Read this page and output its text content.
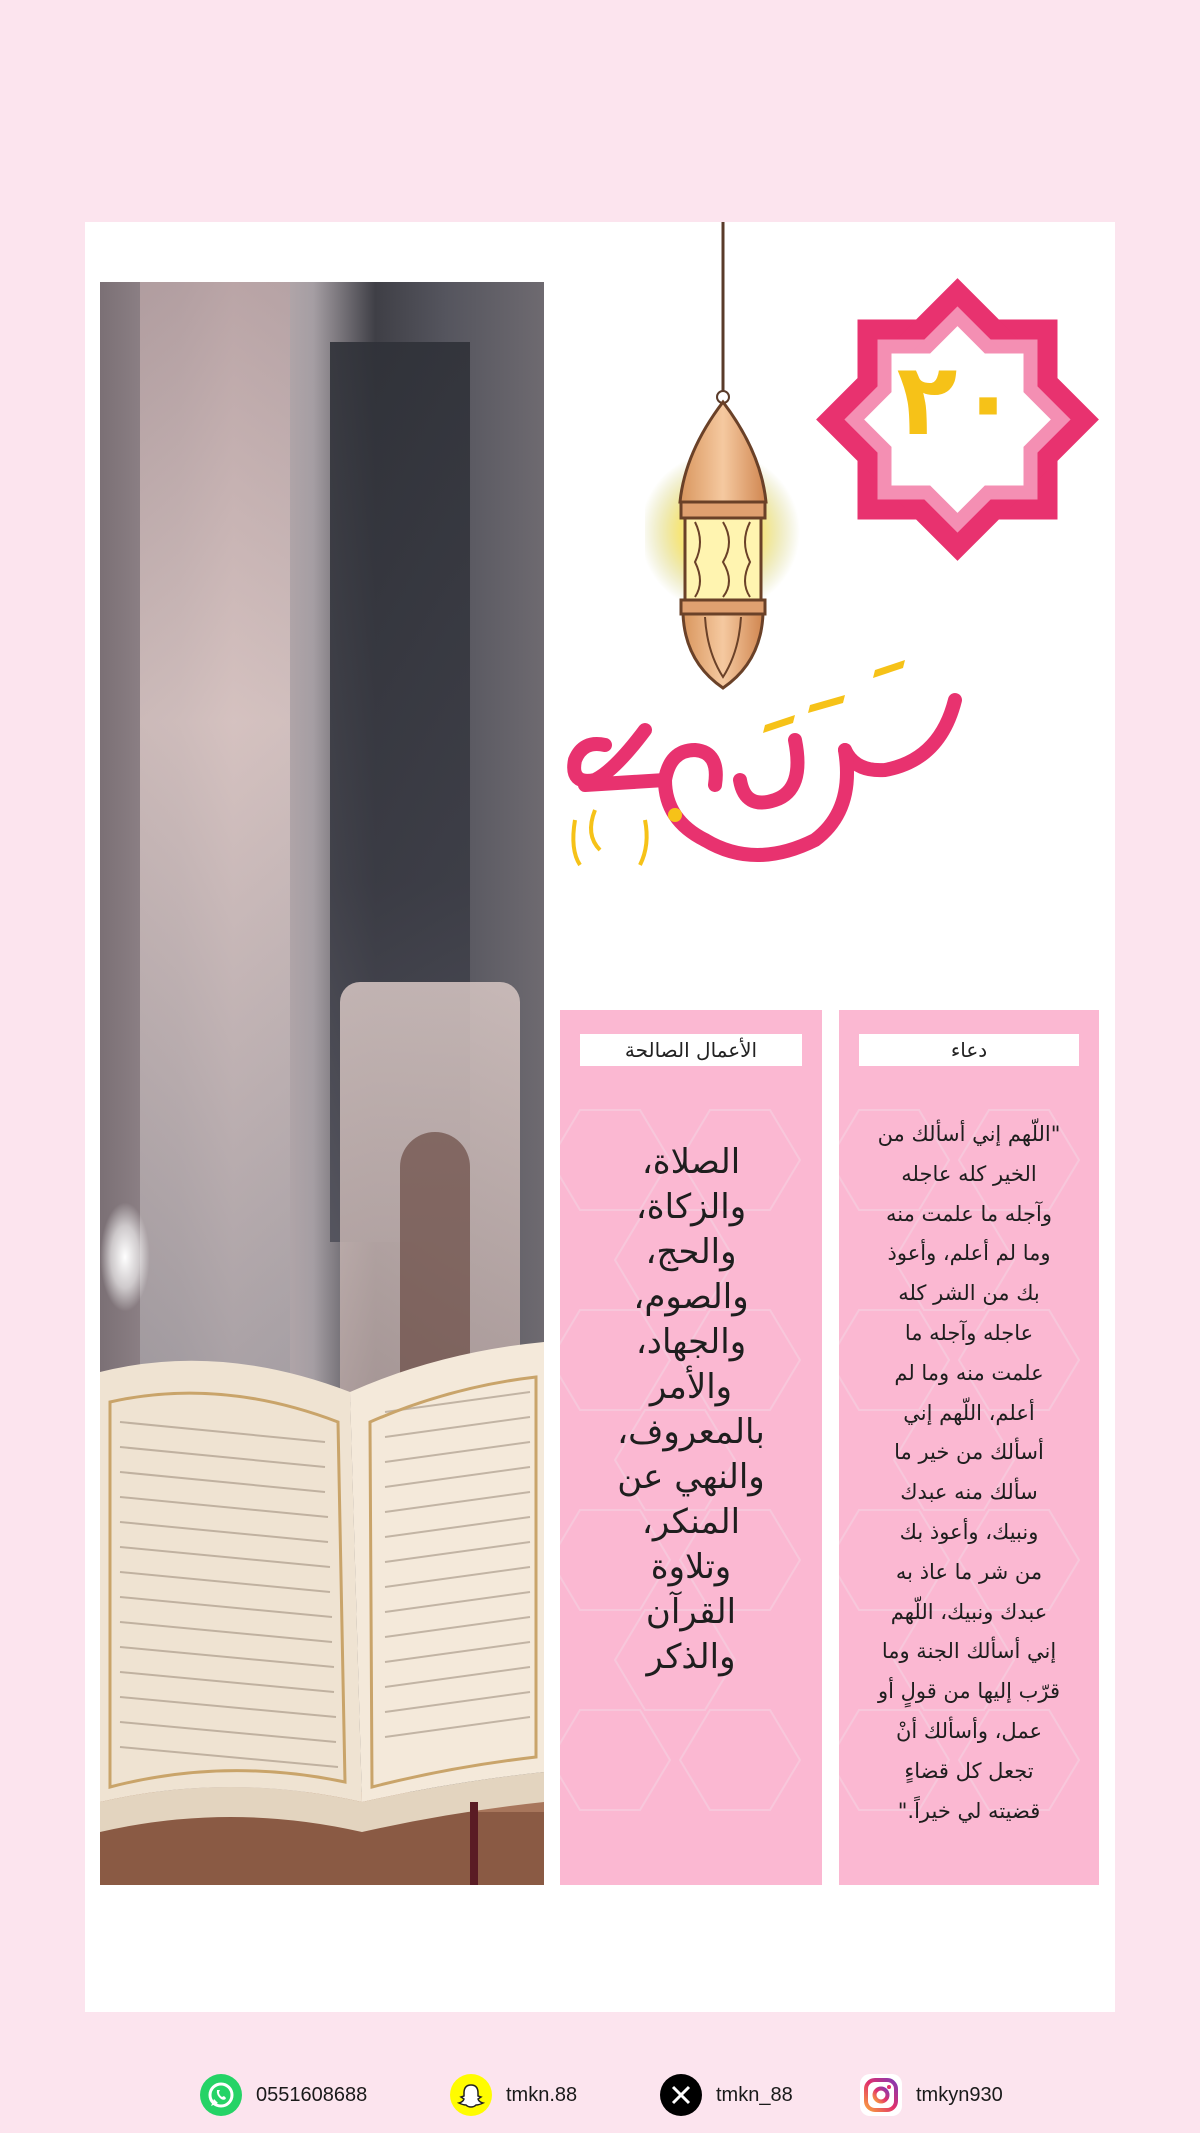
٢٠
الأعمال الصالحة
الصلاة،
والزكاة،
والحج،
والصوم،
والجهاد،
والأمر
بالمعروف،
والنهي عن
المنكر،
وتلاوة
القرآن
والذكر
دعاء
"اللّهم إني أسألك من
الخير كله عاجله
وآجله ما علمت منه
وما لم أعلم، وأعوذ
بك من الشر كله
عاجله وآجله ما
علمت منه وما لم
أعلم، اللّهم إني
أسألك من خير ما
سألك منه عبدك
ونبيك، وأعوذ بك
من شر ما عاذ به
عبدك ونبيك، اللّهم
إني أسألك الجنة وما
قرّب إليها من قولٍ أو
عمل، وأسألك أنْ
تجعل كل قضاءٍ
قضيته لي خيراً."
0551608688	tmkn.88	tmkn_88	tmkyn930
